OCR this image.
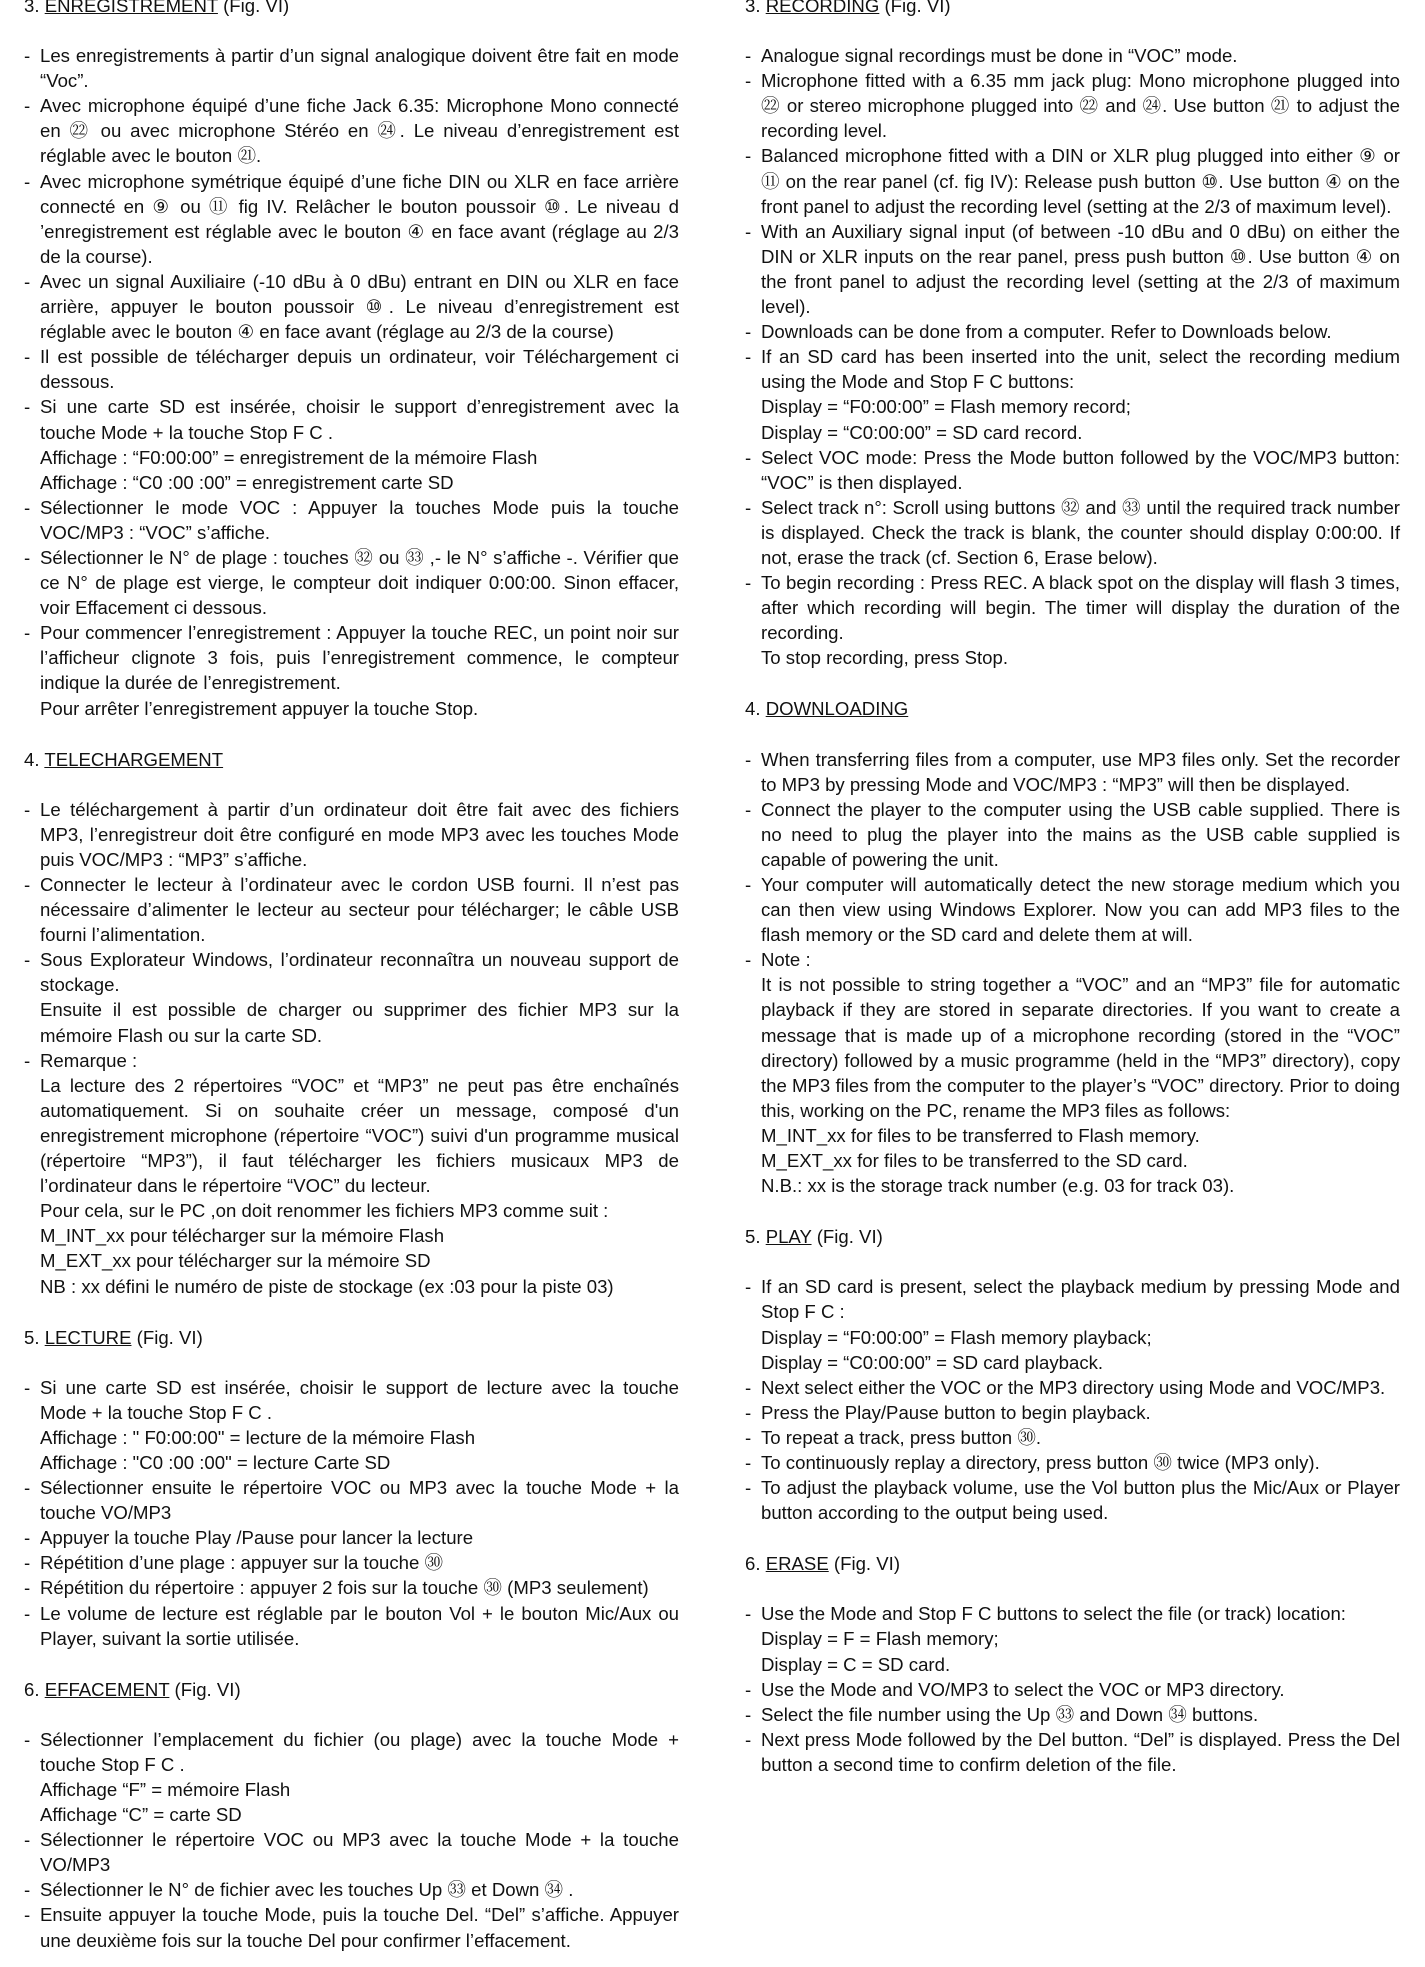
3. ENREGISTREMENT (Fig. VI)
- Les enregistrements à partir d’un signal analogique doivent être fait en mode “Voc”.
- Avec microphone équipé d’une fiche Jack 6.35: Microphone Mono connecté en ㉒ ou avec microphone Stéréo en ㉔. Le niveau d’enregistrement est réglable avec le bouton ㉑.
- Avec microphone symétrique équipé d’une fiche DIN ou XLR en face arrière connecté en ⑨ ou ⑪ fig IV. Relâcher le bouton poussoir ⑩. Le niveau d ’enregistrement est réglable avec le bouton ④ en face avant (réglage au 2/3 de la course).
- Avec un signal Auxiliaire (-10 dBu à 0 dBu) entrant en DIN ou XLR en face arrière, appuyer le bouton poussoir ⑩. Le niveau d’enregistrement est réglable avec le bouton ④ en face avant (réglage au 2/3 de la course)
- Il est possible de télécharger depuis un ordinateur, voir Téléchargement ci dessous.
- Si une carte SD est insérée, choisir le support d’enregistrement avec la touche Mode + la touche Stop F C .
Affichage : “F0:00:00” = enregistrement de la mémoire Flash
Affichage : “C0 :00 :00” = enregistrement carte SD
- Sélectionner le mode VOC : Appuyer la touches Mode puis la touche VOC/MP3 : “VOC” s’affiche.
- Sélectionner le N° de plage : touches ㉜ ou ㉝ ,- le N° s’affiche -. Vérifier que ce N° de plage est vierge, le compteur doit indiquer 0:00:00. Sinon effacer, voir Effacement ci dessous.
- Pour commencer l’enregistrement : Appuyer la touche REC, un point noir sur l’afficheur clignote 3 fois, puis l’enregistrement commence, le compteur indique la durée de l’enregistrement.
Pour arrêter l’enregistrement appuyer la touche Stop.
4. TELECHARGEMENT
- Le téléchargement à partir d’un ordinateur doit être fait avec des fichiers MP3, l’enregistreur doit être configuré en mode MP3 avec les touches Mode puis VOC/MP3 : “MP3” s’affiche.
- Connecter le lecteur à l’ordinateur avec le cordon USB fourni. Il n’est pas nécessaire d’alimenter le lecteur au secteur pour télécharger; le câble USB fourni l’alimentation.
- Sous Explorateur Windows, l’ordinateur reconnaîtra un nouveau support de stockage.
Ensuite il est possible de charger ou supprimer des fichier MP3 sur la mémoire Flash ou sur la carte SD.
- Remarque :
La lecture des 2 répertoires “VOC” et “MP3” ne peut pas être enchaînés automatiquement. Si on souhaite créer un message, composé d'un enregistrement microphone (répertoire “VOC”) suivi d'un programme musical (répertoire “MP3”), il faut télécharger les fichiers musicaux MP3 de l’ordinateur dans le répertoire “VOC” du lecteur.
Pour cela, sur le PC ,on doit renommer les fichiers MP3 comme suit :
M_INT_xx pour télécharger sur la mémoire Flash
M_EXT_xx pour télécharger sur la mémoire SD
NB : xx défini le numéro de piste de stockage (ex :03 pour la piste 03)
5. LECTURE (Fig. VI)
- Si une carte SD est insérée, choisir le support de lecture avec la touche Mode + la touche Stop F C .
Affichage : " F0:00:00" = lecture de la mémoire Flash
Affichage : "C0 :00 :00" = lecture Carte SD
- Sélectionner ensuite le répertoire VOC ou MP3 avec la touche Mode + la touche VO/MP3
- Appuyer la touche Play /Pause pour lancer la lecture
- Répétition d’une plage : appuyer sur la touche ㉚
- Répétition du répertoire : appuyer 2 fois sur la touche ㉚ (MP3 seulement)
- Le volume de lecture est réglable par le bouton Vol + le bouton Mic/Aux ou Player, suivant la sortie utilisée.
6. EFFACEMENT (Fig. VI)
- Sélectionner l’emplacement du fichier (ou plage) avec la touche Mode + touche Stop F C .
Affichage “F” = mémoire Flash
Affichage “C” = carte SD
- Sélectionner le répertoire VOC ou MP3 avec la touche Mode + la touche VO/MP3
- Sélectionner le N° de fichier avec les touches Up ㉝ et Down ㉞ .
- Ensuite appuyer la touche Mode, puis la touche Del. “Del” s’affiche. Appuyer une deuxième fois sur la touche Del pour confirmer l’effacement.
3. RECORDING (Fig. VI)
- Analogue signal recordings must be done in “VOC” mode.
- Microphone fitted with a 6.35 mm jack plug: Mono microphone plugged into ㉒ or stereo microphone plugged into ㉒ and ㉔. Use button ㉑ to adjust the recording level.
- Balanced microphone fitted with a DIN or XLR plug plugged into either ⑨ or ⑪ on the rear panel (cf. fig IV): Release push button ⑩. Use button ④ on the front panel to adjust the recording level (setting at the 2/3 of maximum level).
- With an Auxiliary signal input (of between -10 dBu and 0 dBu) on either the DIN or XLR inputs on the rear panel, press push button ⑩. Use button ④ on the front panel to adjust the recording level (setting at the 2/3 of maximum level).
- Downloads can be done from a computer. Refer to Downloads below.
- If an SD card has been inserted into the unit, select the recording medium using the Mode and Stop F C buttons:
Display = “F0:00:00” = Flash memory record;
Display = “C0:00:00” = SD card record.
- Select VOC mode: Press the Mode button followed by the VOC/MP3 button: “VOC” is then displayed.
- Select track n°: Scroll using buttons ㉜ and ㉝ until the required track number is displayed. Check the track is blank, the counter should display 0:00:00. If not, erase the track (cf. Section 6, Erase below).
- To begin recording : Press REC. A black spot on the display will flash 3 times, after which recording will begin. The timer will display the duration of the recording.
To stop recording, press Stop.
4. DOWNLOADING
- When transferring files from a computer, use MP3 files only. Set the recorder to MP3 by pressing Mode and VOC/MP3 : “MP3” will then be displayed.
- Connect the player to the computer using the USB cable supplied. There is no need to plug the player into the mains as the USB cable supplied is capable of powering the unit.
- Your computer will automatically detect the new storage medium which you can then view using Windows Explorer. Now you can add MP3 files to the flash memory or the SD card and delete them at will.
- Note :
It is not possible to string together a “VOC” and an “MP3” file for automatic playback if they are stored in separate directories. If you want to create a message that is made up of a microphone recording (stored in the “VOC” directory) followed by a music programme (held in the “MP3” directory), copy the MP3 files from the computer to the player’s “VOC” directory. Prior to doing this, working on the PC, rename the MP3 files as follows:
M_INT_xx for files to be transferred to Flash memory.
M_EXT_xx for files to be transferred to the SD card.
N.B.: xx is the storage track number (e.g. 03 for track 03).
5. PLAY (Fig. VI)
- If an SD card is present, select the playback medium by pressing Mode and Stop F C :
Display = “F0:00:00” = Flash memory playback;
Display = “C0:00:00” = SD card playback.
- Next select either the VOC or the MP3 directory using Mode and VOC/MP3.
- Press the Play/Pause button to begin playback.
- To repeat a track, press button ㉚.
- To continuously replay a directory, press button ㉚ twice (MP3 only).
- To adjust the playback volume, use the Vol button plus the Mic/Aux or Player button according to the output being used.
6. ERASE (Fig. VI)
- Use the Mode and Stop F C buttons to select the file (or track) location:
Display = F = Flash memory;
Display = C = SD card.
- Use the Mode and VO/MP3 to select the VOC or MP3 directory.
- Select the file number using the Up ㉝ and Down ㉞ buttons.
- Next press Mode followed by the Del button. “Del” is displayed. Press the Del button a second time to confirm deletion of the file.
